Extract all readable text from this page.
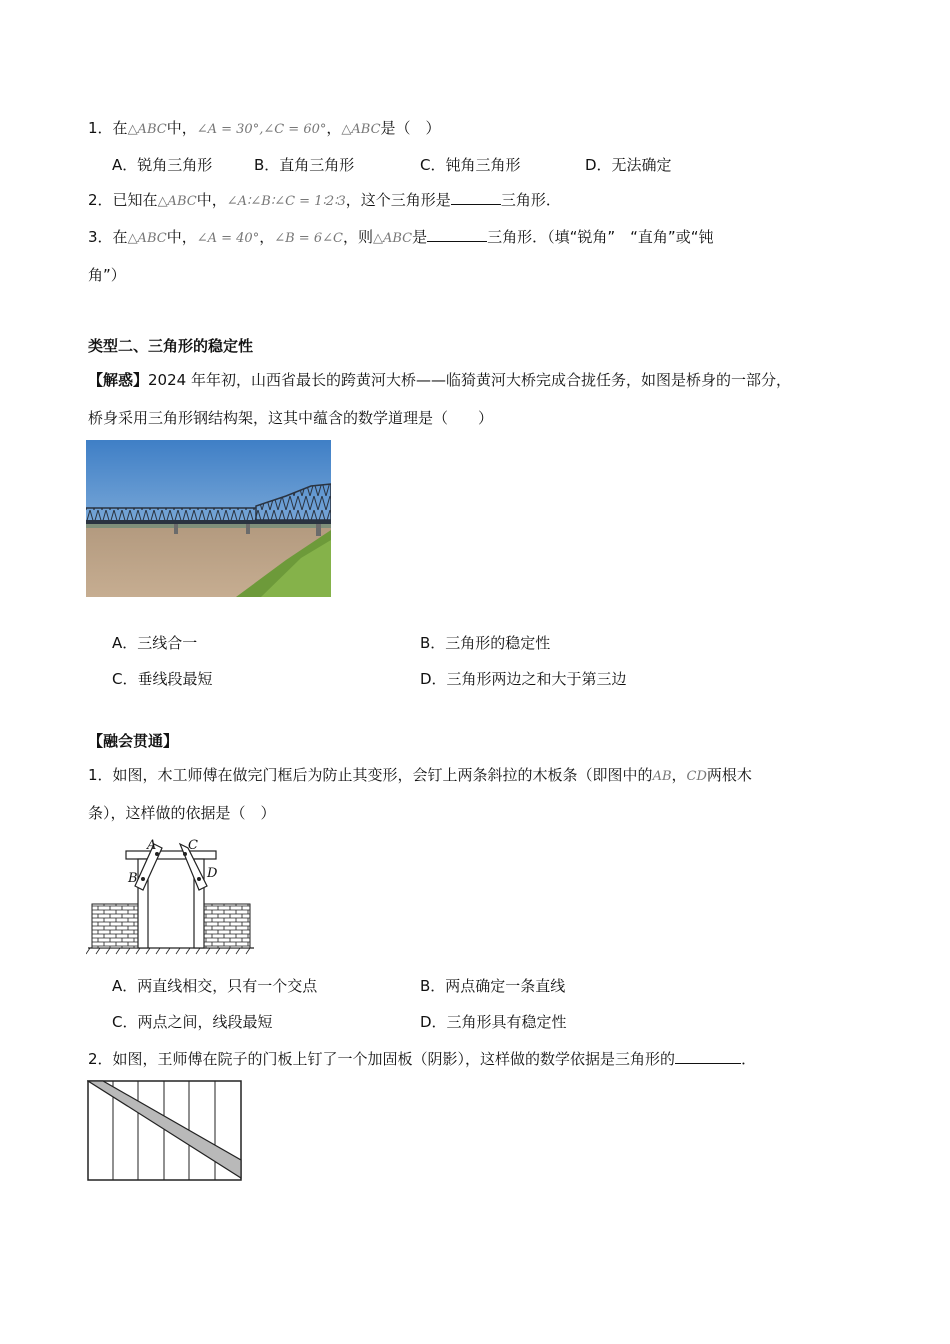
1．在△ABC中，∠A = 30°,∠C = 60°，△ABC是（　）
A．锐角三角形	B．直角三角形	C．钝角三角形	D．无法确定
2．已知在△ABC中，∠A∶∠B∶∠C = 1∶2∶3，这个三角形是	三角形．
3．在△ABC中，∠A = 40°，∠B = 6∠C，则△ABC是	三角形．（填“锐角”　“直角”或“钝
角”）
类型二、三角形的稳定性
【解惑】2024 年年初，山西省最长的跨黄河大桥——临猗黄河大桥完成合拢任务，如图是桥身的一部分，
桥身采用三角形钢结构架，这其中蕴含的数学道理是（　　）
A．三线合一	B．三角形的稳定性
C．垂线段最短	D．三角形两边之和大于第三边
【融会贯通】
1．如图，木工师傅在做完门框后为防止其变形，会钉上两条斜拉的木板条（即图中的AB，CD两根木
条），这样做的依据是（　）
A
B
C
D
A．两直线相交，只有一个交点	B．两点确定一条直线
C．两点之间，线段最短	D．三角形具有稳定性
2．如图，王师傅在院子的门板上钉了一个加固板（阴影），这样做的数学依据是三角形的	．
